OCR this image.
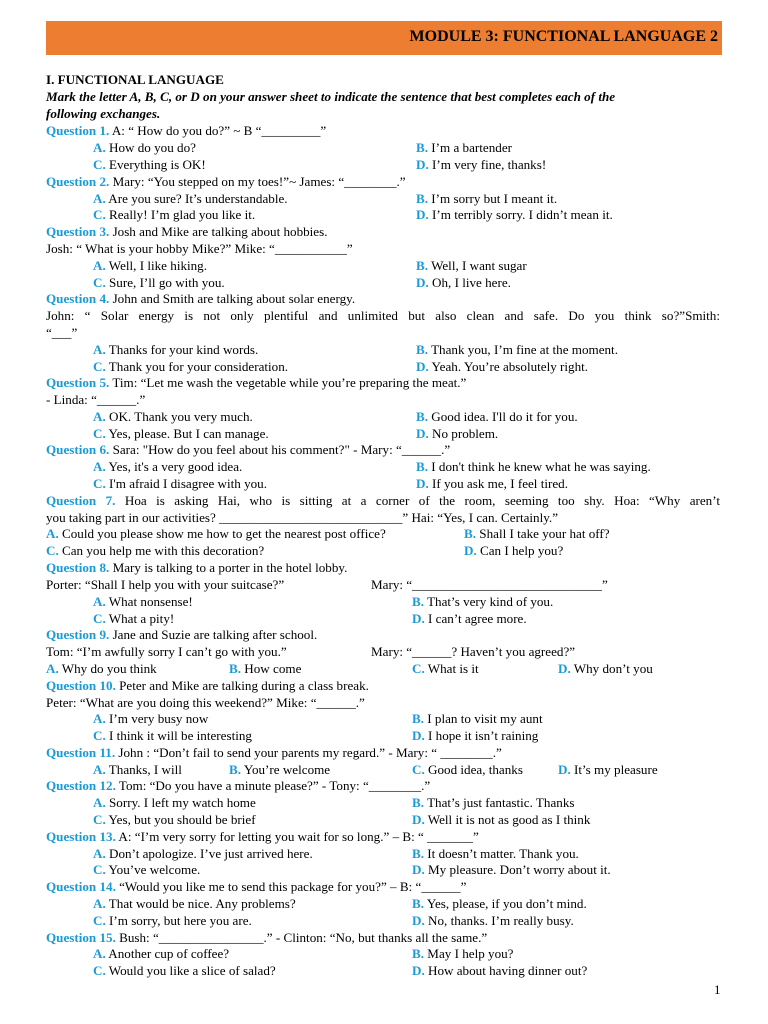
MODULE 3: FUNCTIONAL LANGUAGE 2
I. FUNCTIONAL LANGUAGE
Mark the letter A, B, C, or D on your answer sheet to indicate the sentence that best completes each of the
following exchanges.
Question 1. A: “ How do you do?” ~ B “_________”
A. How do you do?	B. I’m a bartender
C. Everything is OK!	D. I’m very fine, thanks!
Question 2. Mary: “You stepped on my toes!”~ James: “________.”
A. Are you sure? It’s understandable.	B. I’m sorry but I meant it.
C. Really! I’m glad you like it.	D. I’m terribly sorry. I didn’t mean it.
Question 3. Josh and Mike are talking about hobbies.
Josh: “ What is your hobby Mike?” Mike: “___________”
A. Well, I like hiking.	B. Well, I want sugar
C. Sure, I’ll go with you.	D. Oh, I live here.
Question 4. John and Smith are talking about solar energy.
John: “ Solar energy is not only plentiful and unlimited but also clean and safe. Do you think so?”Smith:
“___”
A. Thanks for your kind words.	B. Thank you, I’m fine at the moment.
C. Thank you for your consideration.	D. Yeah. You’re absolutely right.
Question 5. Tim: “Let me wash the vegetable while you’re preparing the meat.”
- Linda: “______.”
A. OK. Thank you very much.	B. Good idea. I'll do it for you.
C. Yes, please. But I can manage.	D. No problem.
Question 6. Sara: "How do you feel about his comment?" - Mary: “______.”
A. Yes, it's a very good idea.	B. I don't think he knew what he was saying.
C. I'm afraid I disagree with you.	D. If you ask me, I feel tired.
Question 7. Hoa is asking Hai, who is sitting at a corner of the room, seeming too shy. Hoa: “Why aren’t
you taking part in our activities? ____________________________” Hai: “Yes, I can. Certainly.”
A. Could you please show me how to get the nearest post office?	B. Shall I take your hat off?
C. Can you help me with this decoration?	D. Can I help you?
Question 8. Mary is talking to a porter in the hotel lobby.
Porter: “Shall I help you with your suitcase?”	Mary: “_____________________________”
A. What nonsense!	B. That’s very kind of you.
C. What a pity!	D. I can’t agree more.
Question 9. Jane and Suzie are talking after school.
Tom: “I’m awfully sorry I can’t go with you.”	Mary: “______? Haven’t you agreed?”
A. Why do you think	B. How come	C. What is it	D. Why don’t you
Question 10. Peter and Mike are talking during a class break.
Peter: “What are you doing this weekend?” Mike: “______.”
A. I’m very busy now	B. I plan to visit my aunt
C. I think it will be interesting	D. I hope it isn’t raining
Question 11. John : “Don’t fail to send your parents my regard.” - Mary: “ ________.”
A. Thanks, I will	B. You’re welcome	C. Good idea, thanks	D. It’s my pleasure
Question 12. Tom: “Do you have a minute please?” - Tony: “________.”
A. Sorry. I left my watch home	B. That’s just fantastic. Thanks
C. Yes, but you should be brief	D. Well it is not as good as I think
Question 13. A: “I’m very sorry for letting you wait for so long.” – B: “ _______”
A. Don’t apologize. I’ve just arrived here.	B. It doesn’t matter. Thank you.
C. You’ve welcome.	D. My pleasure. Don’t worry about it.
Question 14. “Would you like me to send this package for you?” – B: “______”
A. That would be nice. Any problems?	B. Yes, please, if you don’t mind.
C. I’m sorry, but here you are.	D. No, thanks. I’m really busy.
Question 15. Bush: “________________.” - Clinton: “No, but thanks all the same.”
A. Another cup of coffee?	B. May I help you?
C. Would you like a slice of salad?	D. How about having dinner out?
1
